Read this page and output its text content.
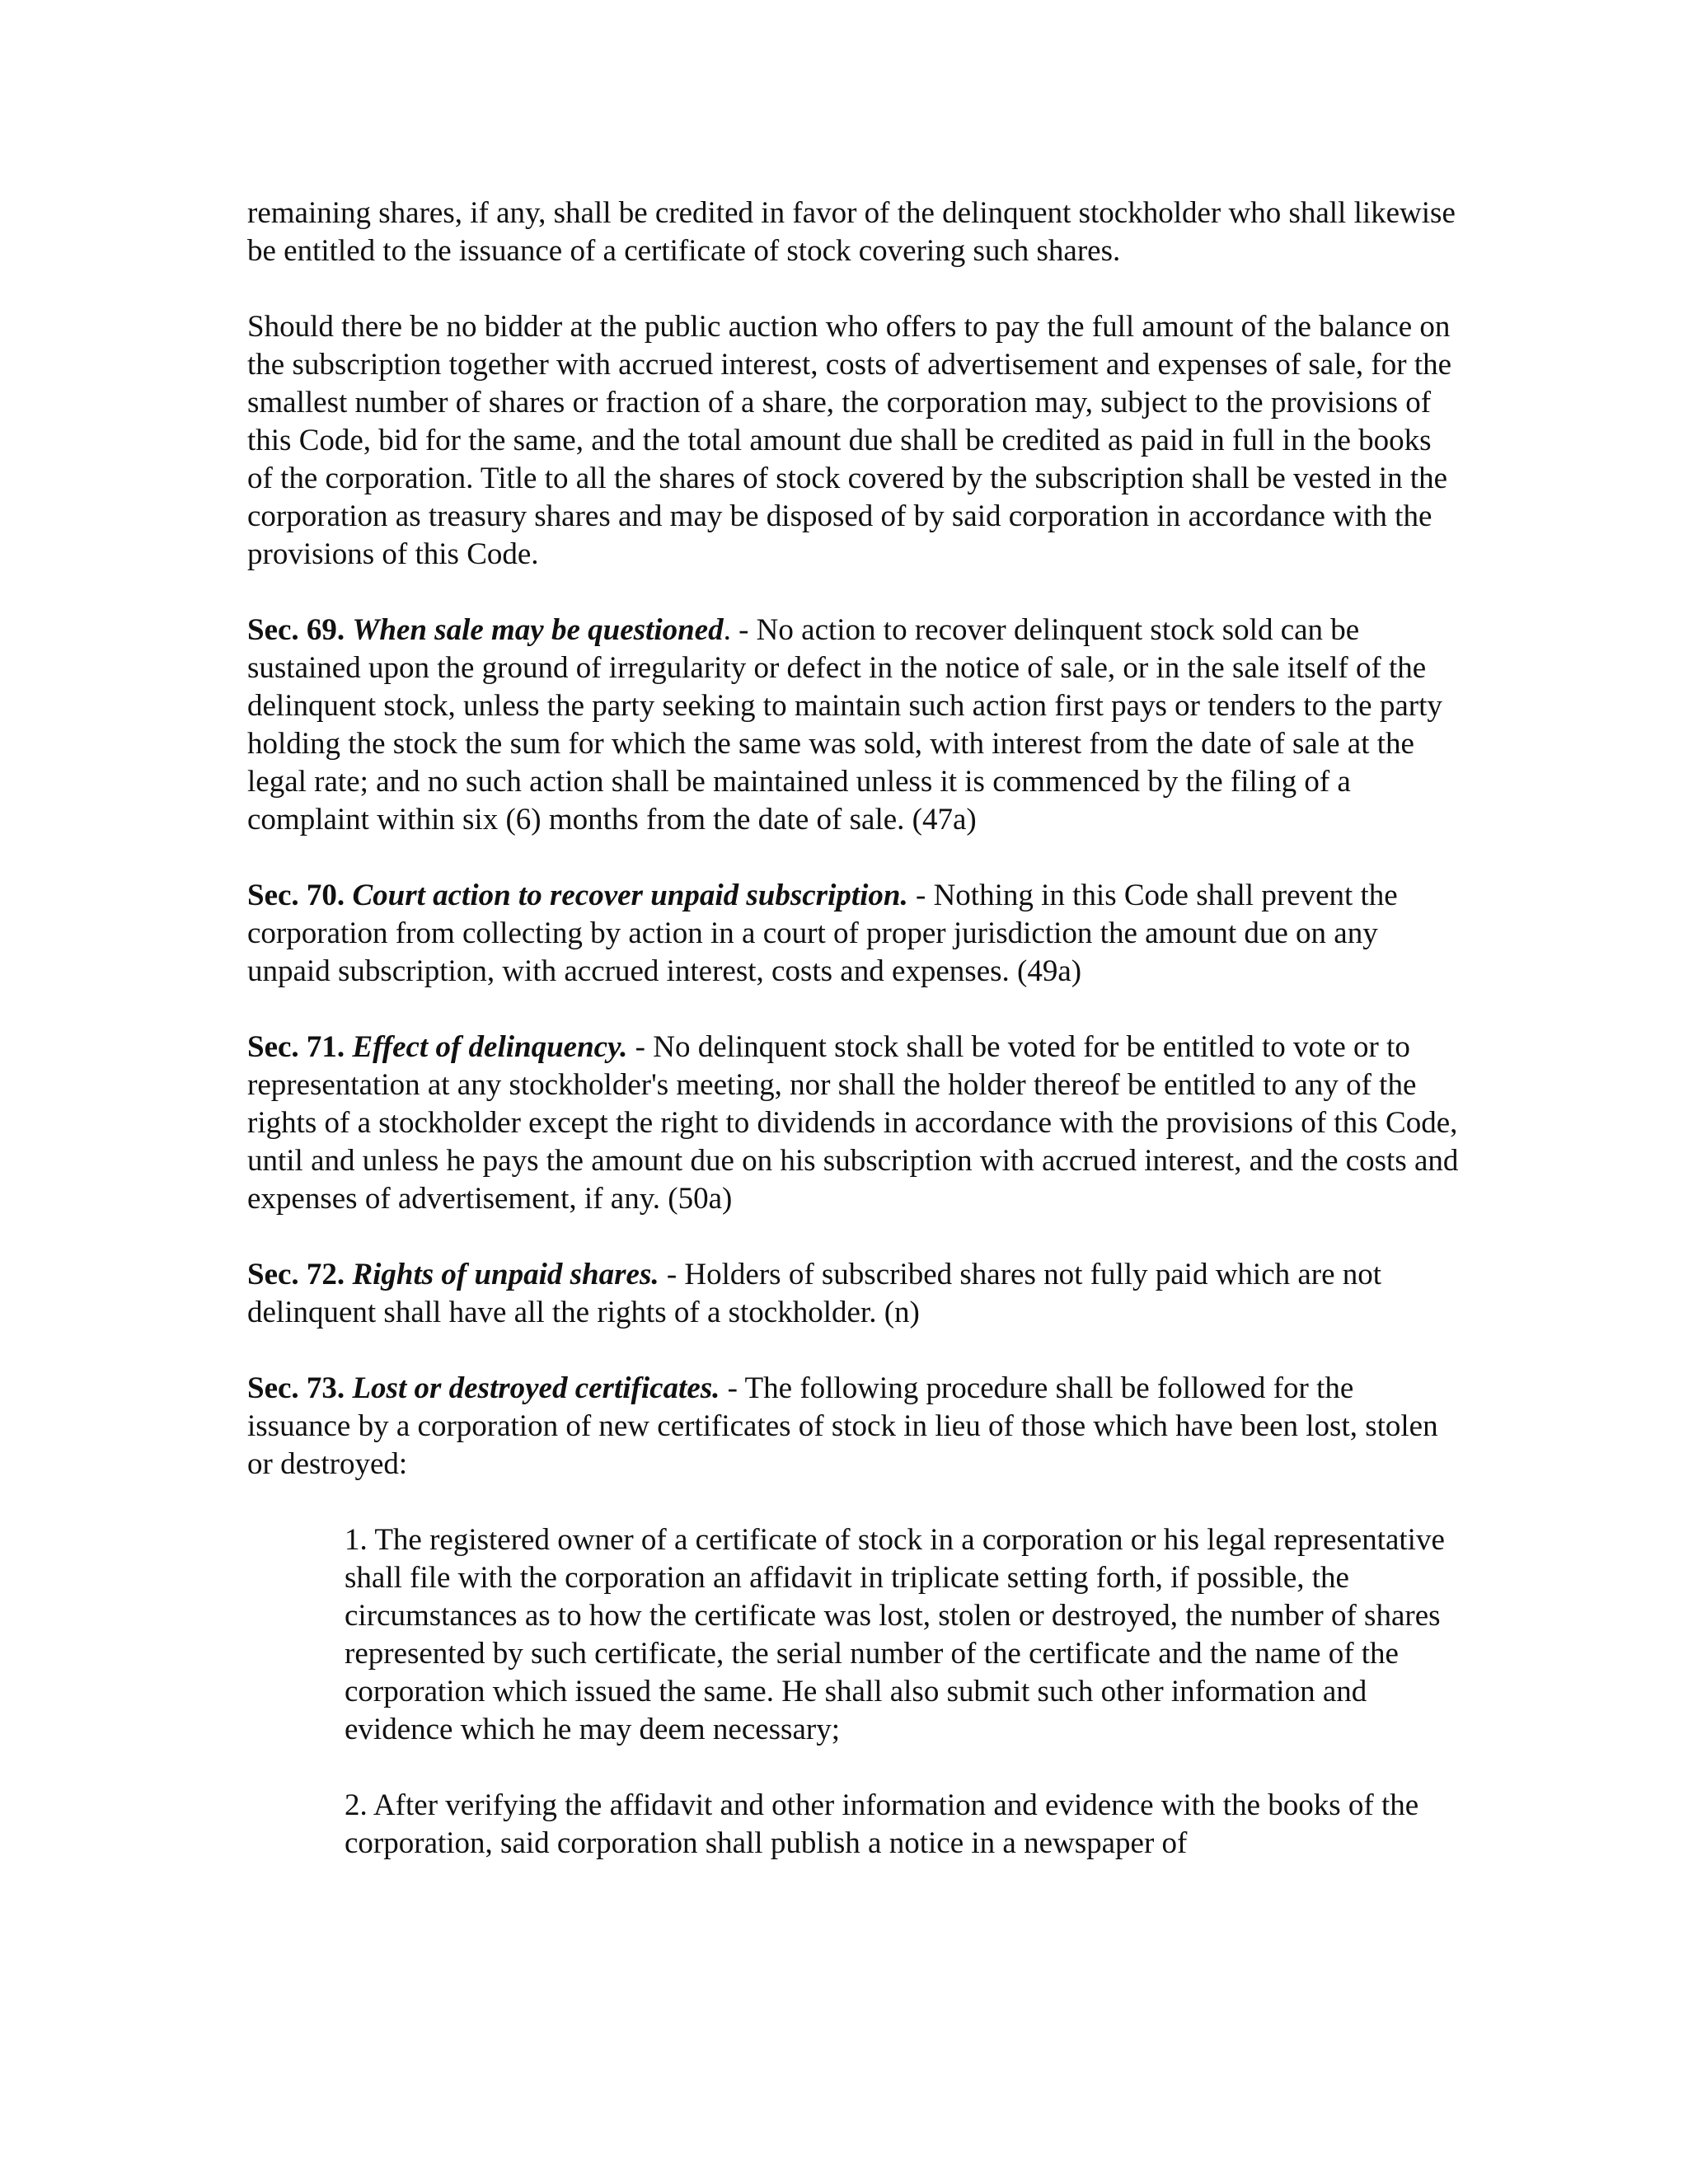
remaining shares, if any, shall be credited in favor of the delinquent stockholder who shall likewise be entitled to the issuance of a certificate of stock covering such shares.

Should there be no bidder at the public auction who offers to pay the full amount of the balance on the subscription together with accrued interest, costs of advertisement and expenses of sale, for the smallest number of shares or fraction of a share, the corporation may, subject to the provisions of this Code, bid for the same, and the total amount due shall be credited as paid in full in the books of the corporation. Title to all the shares of stock covered by the subscription shall be vested in the corporation as treasury shares and may be disposed of by said corporation in accordance with the provisions of this Code.

Sec. 69. When sale may be questioned. - No action to recover delinquent stock sold can be sustained upon the ground of irregularity or defect in the notice of sale, or in the sale itself of the delinquent stock, unless the party seeking to maintain such action first pays or tenders to the party holding the stock the sum for which the same was sold, with interest from the date of sale at the legal rate; and no such action shall be maintained unless it is commenced by the filing of a complaint within six (6) months from the date of sale. (47a)

Sec. 70. Court action to recover unpaid subscription. - Nothing in this Code shall prevent the corporation from collecting by action in a court of proper jurisdiction the amount due on any unpaid subscription, with accrued interest, costs and expenses. (49a)

Sec. 71. Effect of delinquency. - No delinquent stock shall be voted for be entitled to vote or to representation at any stockholder's meeting, nor shall the holder thereof be entitled to any of the rights of a stockholder except the right to dividends in accordance with the provisions of this Code, until and unless he pays the amount due on his subscription with accrued interest, and the costs and expenses of advertisement, if any. (50a)

Sec. 72. Rights of unpaid shares. - Holders of subscribed shares not fully paid which are not delinquent shall have all the rights of a stockholder. (n)

Sec. 73. Lost or destroyed certificates. - The following procedure shall be followed for the issuance by a corporation of new certificates of stock in lieu of those which have been lost, stolen or destroyed:

1. The registered owner of a certificate of stock in a corporation or his legal representative shall file with the corporation an affidavit in triplicate setting forth, if possible, the circumstances as to how the certificate was lost, stolen or destroyed, the number of shares represented by such certificate, the serial number of the certificate and the name of the corporation which issued the same. He shall also submit such other information and evidence which he may deem necessary;

2. After verifying the affidavit and other information and evidence with the books of the corporation, said corporation shall publish a notice in a newspaper of
